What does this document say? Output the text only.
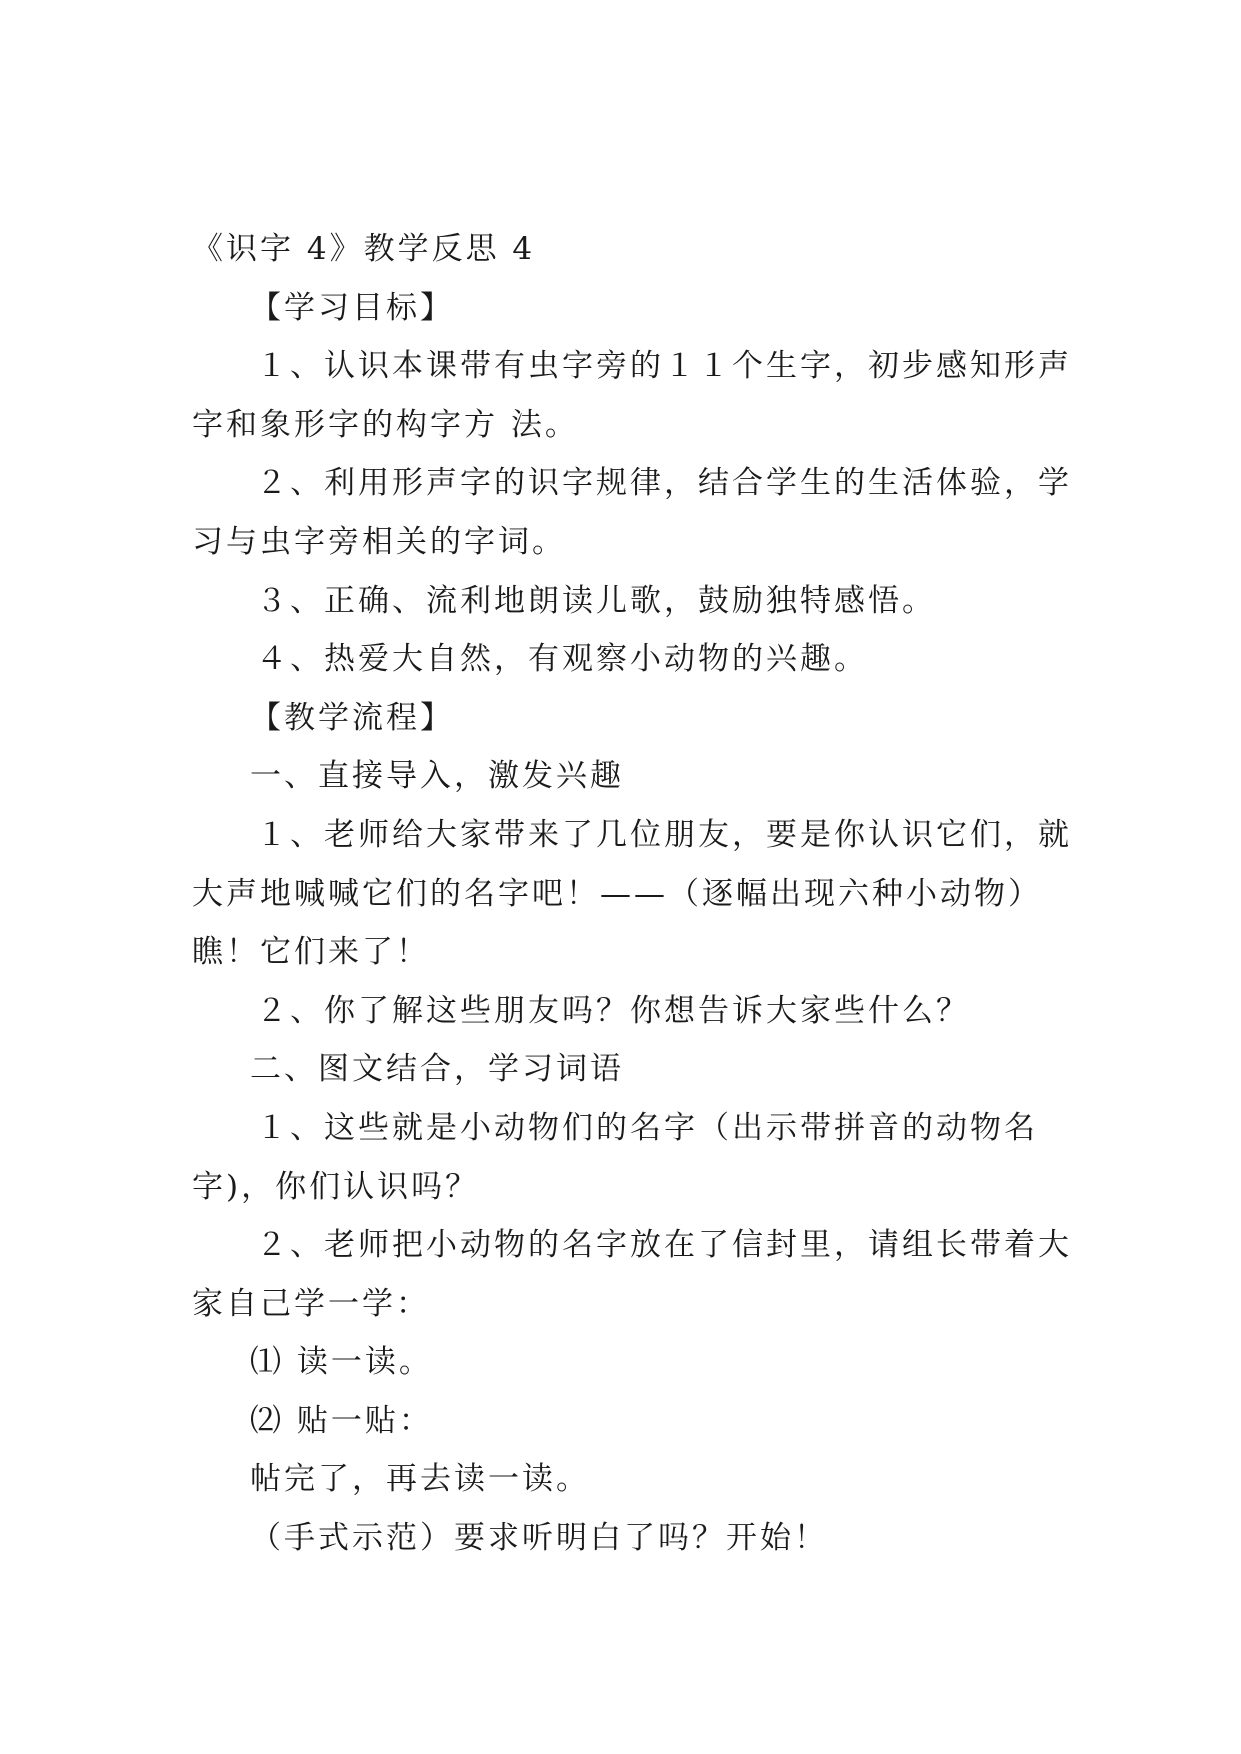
《识字 4》教学反思 4

【学习目标】

１、认识本课带有虫字旁的１１个生字，初步感知形声

字和象形字的构字方 法。

２、利用形声字的识字规律，结合学生的生活体验，学

习与虫字旁相关的字词。

３、正确、流利地朗读儿歌，鼓励独特感悟。

４、热爱大自然，有观察小动物的兴趣。

【教学流程】

一、直接导入，激发兴趣

１、老师给大家带来了几位朋友，要是你认识它们，就

大声地喊喊它们的名字吧！——（逐幅出现六种小动物）

瞧！它们来了！

２、你了解这些朋友吗？你想告诉大家些什么？

二、图文结合，学习词语

１、这些就是小动物们的名字（出示带拼音的动物名

字)，你们认识吗？

２、老师把小动物的名字放在了信封里，请组长带着大

家自己学一学：

⑴ 读一读。

⑵ 贴一贴：

帖完了，再去读一读。

（手式示范）要求听明白了吗？开始！
